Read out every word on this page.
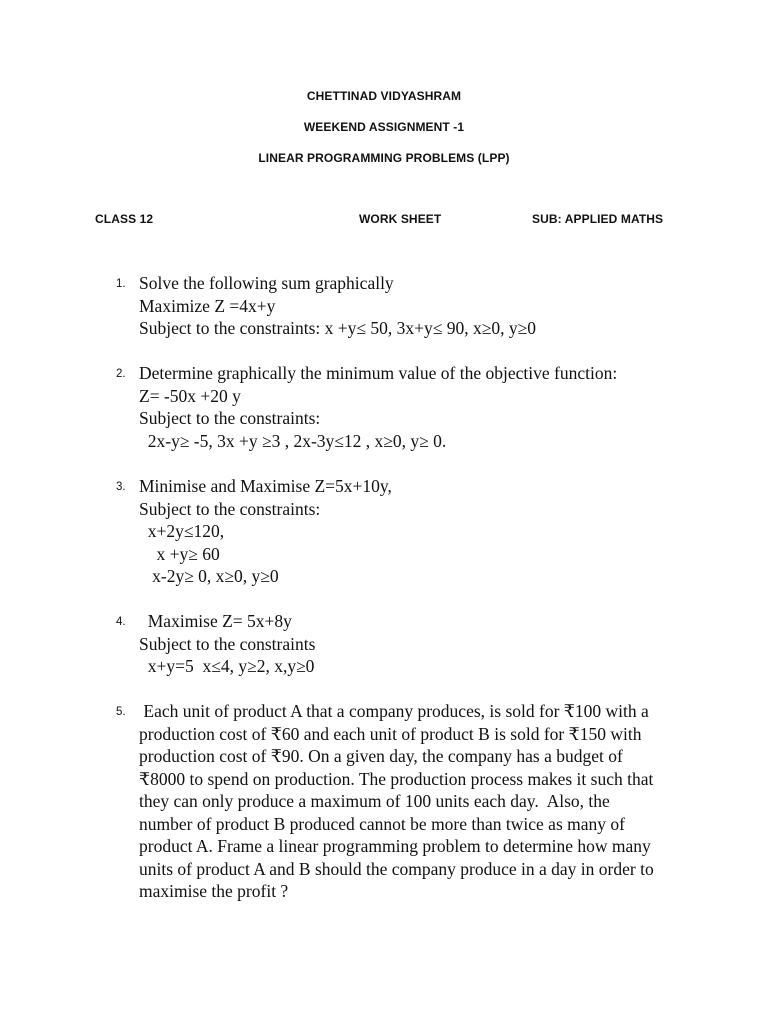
CHETTINAD VIDYASHRAM
WEEKEND ASSIGNMENT -1
LINEAR PROGRAMMING PROBLEMS (LPP)
CLASS 12	WORK SHEET	SUB: APPLIED MATHS
1. Solve the following sum graphically
Maximize Z =4x+y
Subject to the constraints: x +y≤ 50, 3x+y≤ 90, x≥0, y≥0
2. Determine graphically the minimum value of the objective function:
Z= -50x +20 y
Subject to the constraints:
2x-y≥ -5, 3x +y ≥3 , 2x-3y≤12 , x≥0, y≥ 0.
3. Minimise and Maximise Z=5x+10y,
Subject to the constraints:
x+2y≤120,
x +y≥ 60
x-2y≥ 0, x≥0, y≥0
4. Maximise Z= 5x+8y
Subject to the constraints
x+y=5  x≤4, y≥2, x,y≥0
5. Each unit of product A that a company produces, is sold for ₹100 with a
production cost of ₹60 and each unit of product B is sold for ₹150 with
production cost of ₹90. On a given day, the company has a budget of
₹8000 to spend on production. The production process makes it such that
they can only produce a maximum of 100 units each day.  Also, the
number of product B produced cannot be more than twice as many of
product A. Frame a linear programming problem to determine how many
units of product A and B should the company produce in a day in order to
maximise the profit ?
